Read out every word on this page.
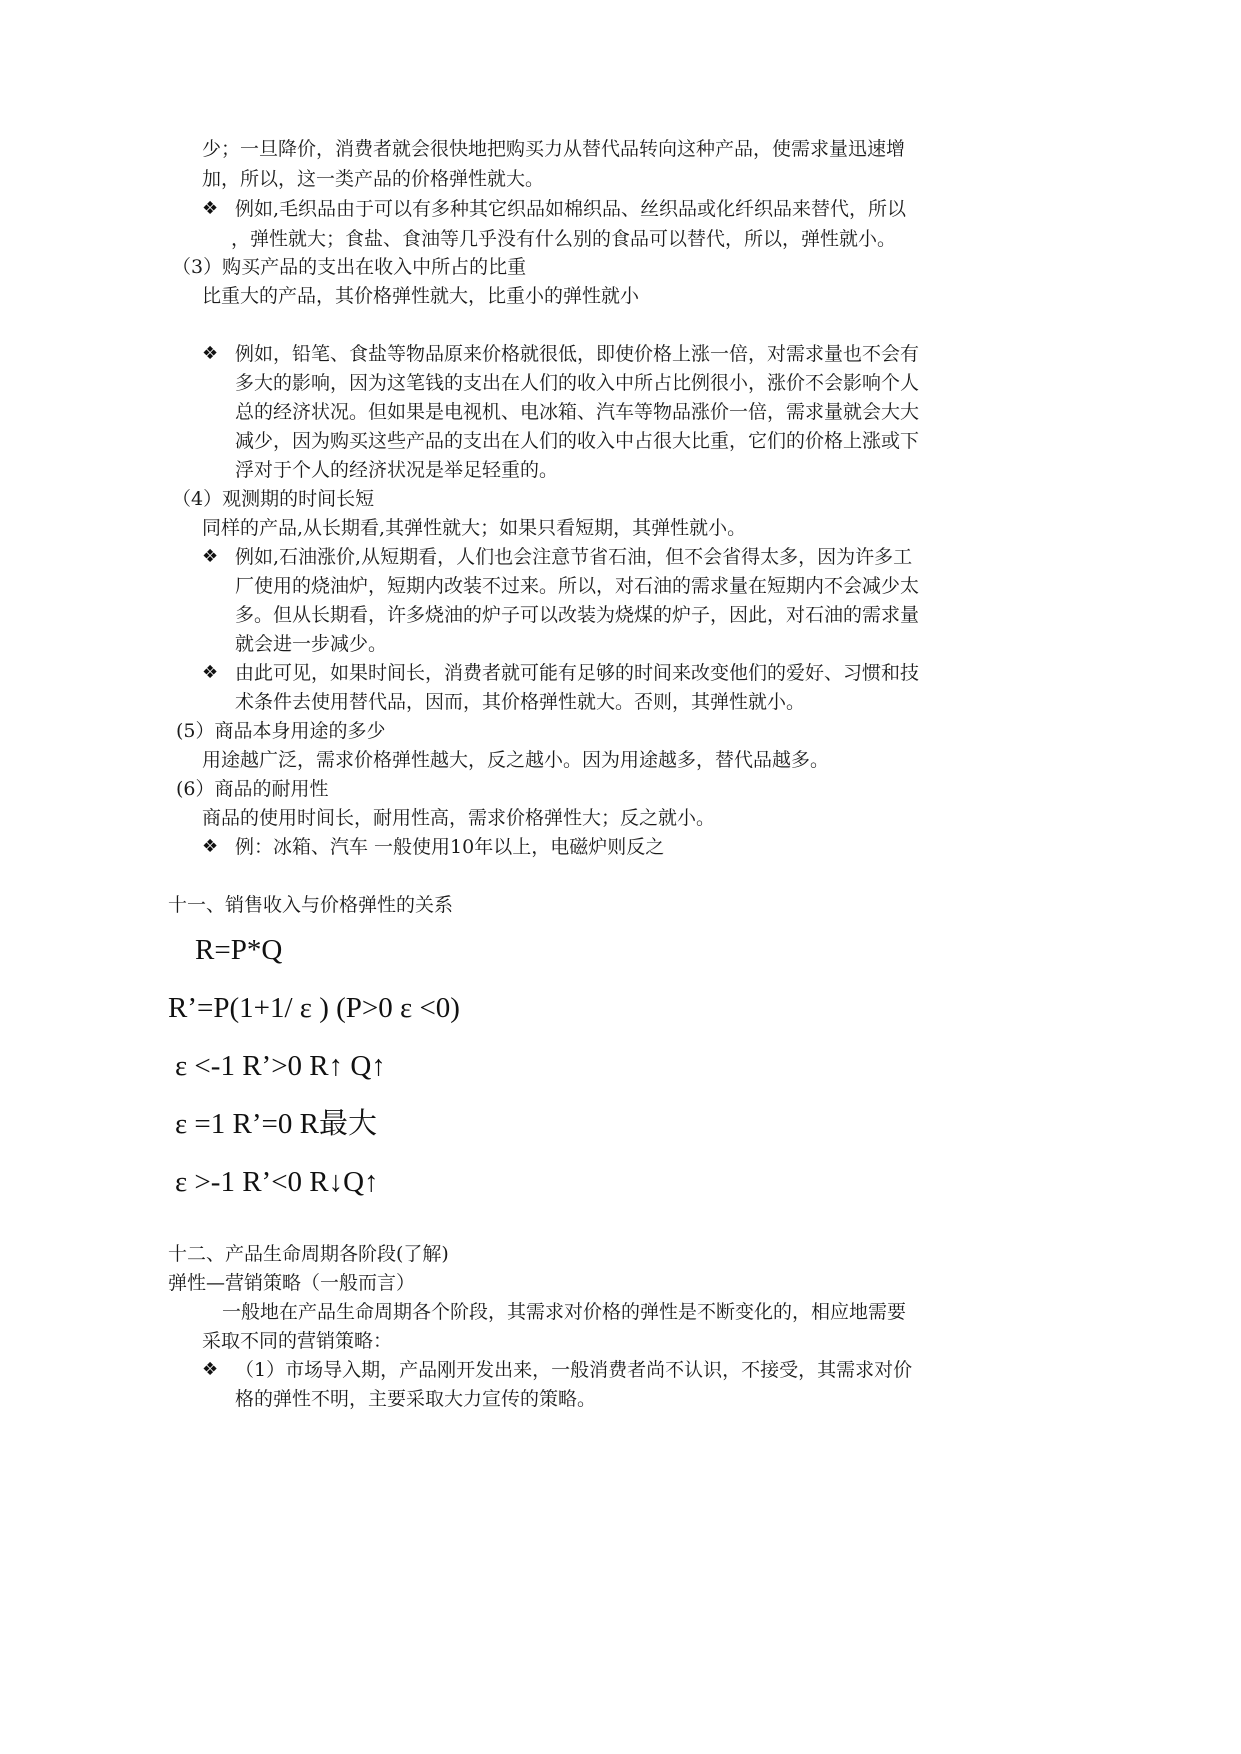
少；一旦降价，消费者就会很快地把购买力从替代品转向这种产品，使需求量迅速增
加，所以，这一类产品的价格弹性就大。
❖ 例如,毛织品由于可以有多种其它织品如棉织品、丝织品或化纤织品来替代，所以
，弹性就大；食盐、食油等几乎没有什么别的食品可以替代，所以，弹性就小。
（3）购买产品的支出在收入中所占的比重
比重大的产品，其价格弹性就大，比重小的弹性就小
❖ 例如，铅笔、食盐等物品原来价格就很低，即使价格上涨一倍，对需求量也不会有
多大的影响，因为这笔钱的支出在人们的收入中所占比例很小，涨价不会影响个人
总的经济状况。但如果是电视机、电冰箱、汽车等物品涨价一倍，需求量就会大大
减少，因为购买这些产品的支出在人们的收入中占很大比重，它们的价格上涨或下
浮对于个人的经济状况是举足轻重的。
（4）观测期的时间长短
同样的产品,从长期看,其弹性就大；如果只看短期，其弹性就小。
❖ 例如,石油涨价,从短期看，人们也会注意节省石油，但不会省得太多，因为许多工
厂使用的烧油炉，短期内改装不过来。所以，对石油的需求量在短期内不会减少太
多。但从长期看，许多烧油的炉子可以改装为烧煤的炉子，因此，对石油的需求量
就会进一步减少。
❖ 由此可见，如果时间长，消费者就可能有足够的时间来改变他们的爱好、习惯和技
术条件去使用替代品，因而，其价格弹性就大。否则，其弹性就小。
(5）商品本身用途的多少
用途越广泛，需求价格弹性越大，反之越小。因为用途越多，替代品越多。
(6）商品的耐用性
商品的使用时间长，耐用性高，需求价格弹性大；反之就小。
❖ 例：冰箱、汽车 一般使用10年以上，电磁炉则反之
十一、销售收入与价格弹性的关系
R=P*Q
R’=P(1+1/ ε ) (P>0 ε <0)
ε <-1 R’>0 R↑ Q↑
ε =1 R’=0 R最大
ε >-1 R’<0 R↓Q↑
十二、产品生命周期各阶段(了解)
弹性—营销策略（一般而言）
一般地在产品生命周期各个阶段，其需求对价格的弹性是不断变化的，相应地需要
采取不同的营销策略：
❖ （1）市场导入期，产品刚开发出来，一般消费者尚不认识，不接受，其需求对价
格的弹性不明，主要采取大力宣传的策略。
